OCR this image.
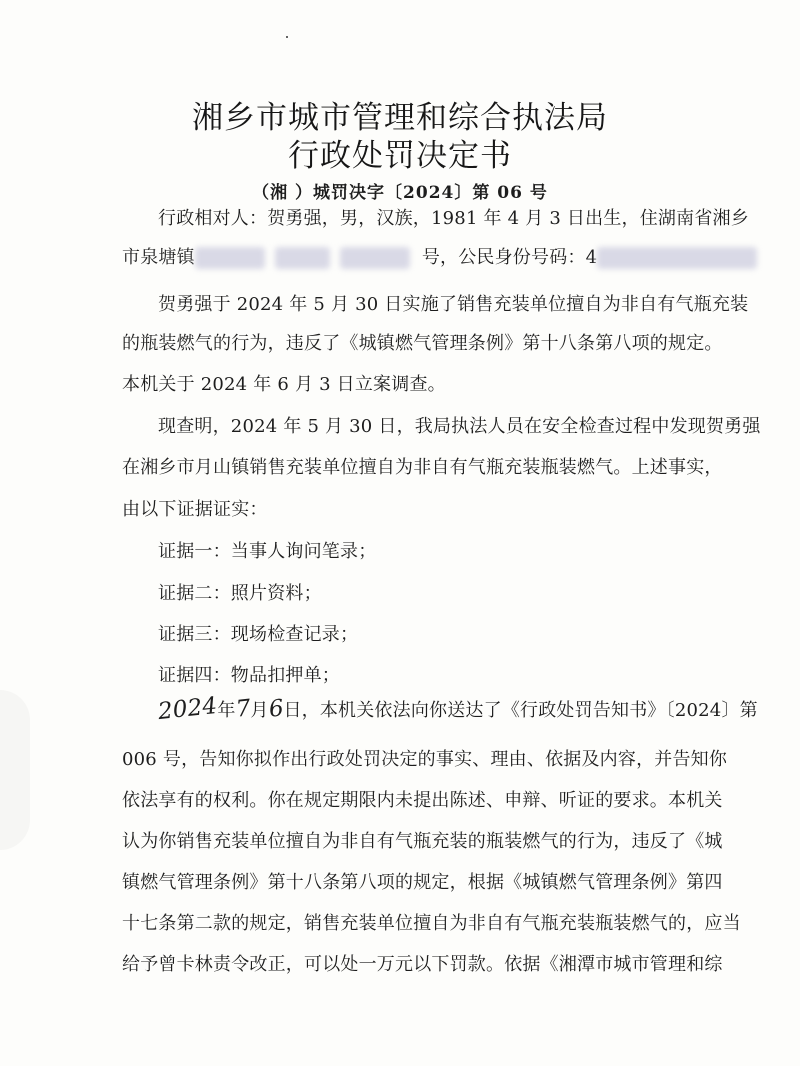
湘乡市城市管理和综合执法局
行政处罚决定书
（湘 ）城罚决字〔2024〕第 06 号
行政相对人：贺勇强，男，汉族，1981 年 4 月 3 日出生，住湖南省湘乡
市泉塘镇	号，公民身份号码：4
贺勇强于 2024 年 5 月 30 日实施了销售充装单位擅自为非自有气瓶充装
的瓶装燃气的行为，违反了《城镇燃气管理条例》第十八条第八项的规定。
本机关于 2024 年 6 月 3 日立案调查。
现查明，2024 年 5 月 30 日，我局执法人员在安全检查过程中发现贺勇强
在湘乡市月山镇销售充装单位擅自为非自有气瓶充装瓶装燃气。上述事实，
由以下证据证实：
证据一：当事人询问笔录；
证据二：照片资料；
证据三：现场检查记录；
证据四：物品扣押单；
2024年7月6日，本机关依法向你送达了《行政处罚告知书》〔2024〕第
006 号，告知你拟作出行政处罚决定的事实、理由、依据及内容，并告知你
依法享有的权利。你在规定期限内未提出陈述、申辩、听证的要求。本机关
认为你销售充装单位擅自为非自有气瓶充装的瓶装燃气的行为，违反了《城
镇燃气管理条例》第十八条第八项的规定，根据《城镇燃气管理条例》第四
十七条第二款的规定，销售充装单位擅自为非自有气瓶充装瓶装燃气的，应当
给予曾卡林责令改正，可以处一万元以下罚款。依据《湘潭市城市管理和综
